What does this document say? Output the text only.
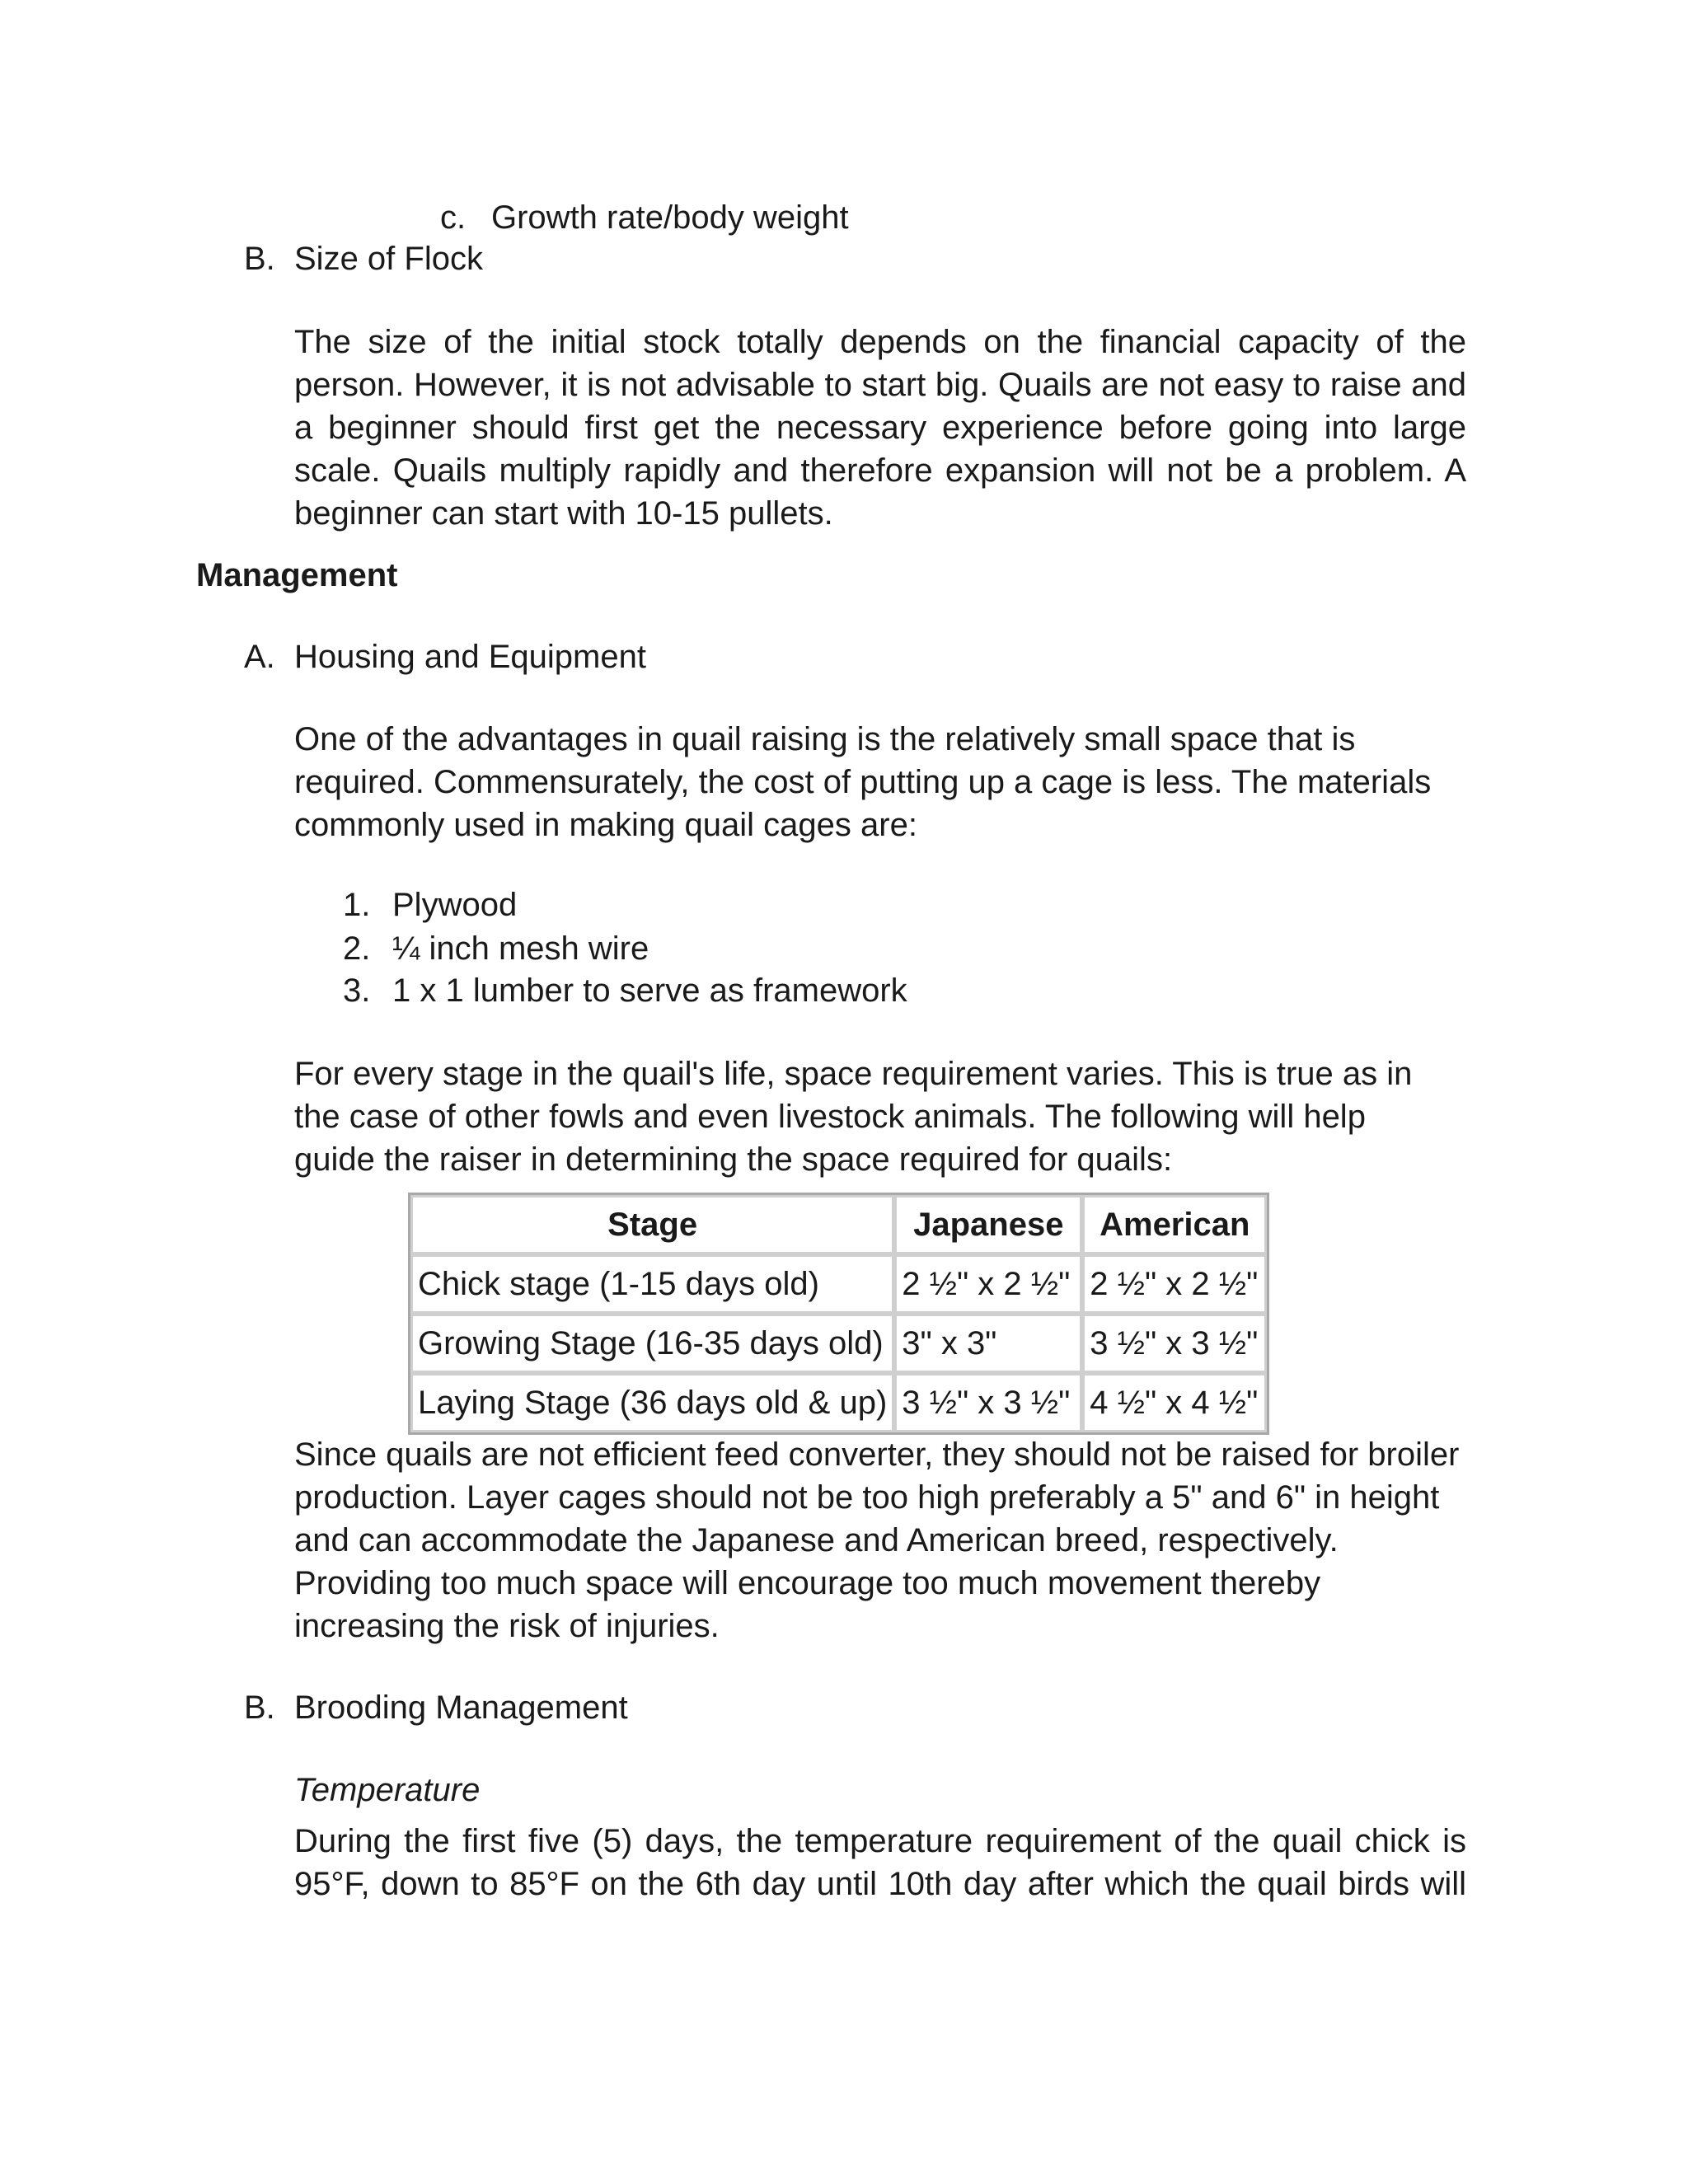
c. Growth rate/body weight
B. Size of Flock

The size of the initial stock totally depends on the financial capacity of the person. However, it is not advisable to start big. Quails are not easy to raise and a beginner should first get the necessary experience before going into large scale. Quails multiply rapidly and therefore expansion will not be a problem. A beginner can start with 10-15 pullets.

Management
A. Housing and Equipment

One of the advantages in quail raising is the relatively small space that is required. Commensurately, the cost of putting up a cage is less. The materials commonly used in making quail cages are:

1. Plywood
2. ¼ inch mesh wire
3. 1 x 1 lumber to serve as framework

For every stage in the quail's life, space requirement varies. This is true as in the case of other fowls and even livestock animals. The following will help guide the raiser in determining the space required for quails:

Stage	Japanese	American
Chick stage (1-15 days old)	2 ½" x 2 ½"	2 ½" x 2 ½"
Growing Stage (16-35 days old)	3" x 3"	3 ½" x 3 ½"
Laying Stage (36 days old & up)	3 ½" x 3 ½"	4 ½" x 4 ½"

Since quails are not efficient feed converter, they should not be raised for broiler production. Layer cages should not be too high preferably a 5" and 6" in height and can accommodate the Japanese and American breed, respectively. Providing too much space will encourage too much movement thereby increasing the risk of injuries.

B. Brooding Management
Temperature

During the first five (5) days, the temperature requirement of the quail chick is 95°F, down to 85°F on the 6th day until 10th day after which the quail birds will
